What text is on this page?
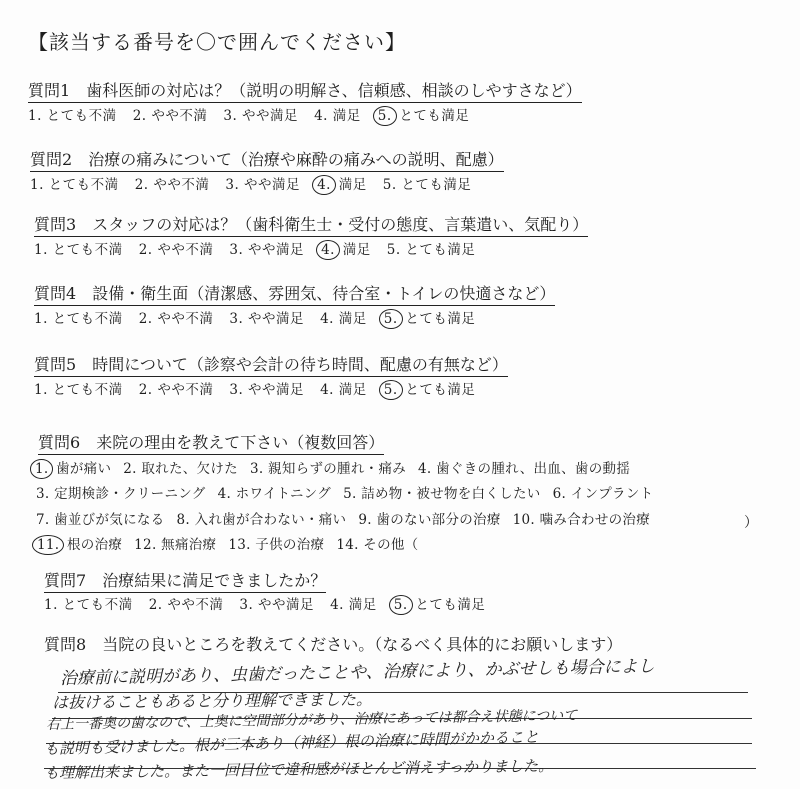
【該当する番号を〇で囲んでください】
質問1　 歯科医師の対応は？（説明の明解さ、信頼感、相談のしやすさなど）
1. とても不満 2. やや不満 3. やや満足 4. 満足 5. とても満足
質問2　 治療の痛みについて（治療や麻酔の痛みへの説明、配慮）
1. とても不満 2. やや不満 3. やや満足 4. 満足 5. とても満足
質問3　 スタッフの対応は？（歯科衛生士・受付の態度、言葉遣い、気配り）
1. とても不満 2. やや不満 3. やや満足 4. 満足 5. とても満足
質問4　 設備・衛生面（清潔感、雰囲気、待合室・トイレの快適さなど）
1. とても不満 2. やや不満 3. やや満足 4. 満足 5. とても満足
質問5　 時間について（診察や会計の待ち時間、配慮の有無など）
1. とても不満 2. やや不満 3. やや満足 4. 満足 5. とても満足
質問6　 来院の理由を教えて下さい（複数回答）
1. 歯が痛い 2. 取れた、欠けた 3. 親知らずの腫れ・痛み 4. 歯ぐきの腫れ、出血、歯の動揺
3. 定期検診・クリーニング 4. ホワイトニング 5. 詰め物・被せ物を白くしたい 6. インプラント
7. 歯並びが気になる 8. 入れ歯が合わない・痛い 9. 歯のない部分の治療 10. 噛み合わせの治療
11. 根の治療 12. 無痛治療 13. 子供の治療 14. その他（
）
質問7　 治療結果に満足できましたか？
1. とても不満 2. やや不満 3. やや満足 4. 満足 5. とても満足
質問8　 当院の良いところを教えてください。（なるべく具体的にお願いします）
治療前に説明があり、虫歯だったことや、治療により、かぶせしも場合によし
は抜けることもあると分り理解できました。
右上一番奥の歯なので、上奥に空間部分があり、治療にあっては都合え状態について
も説明も受けました。根が三本あり（神経）根の治療に時間がかかること
も理解出来ました。また一回目位で違和感がほとんど消えすっかりました。
